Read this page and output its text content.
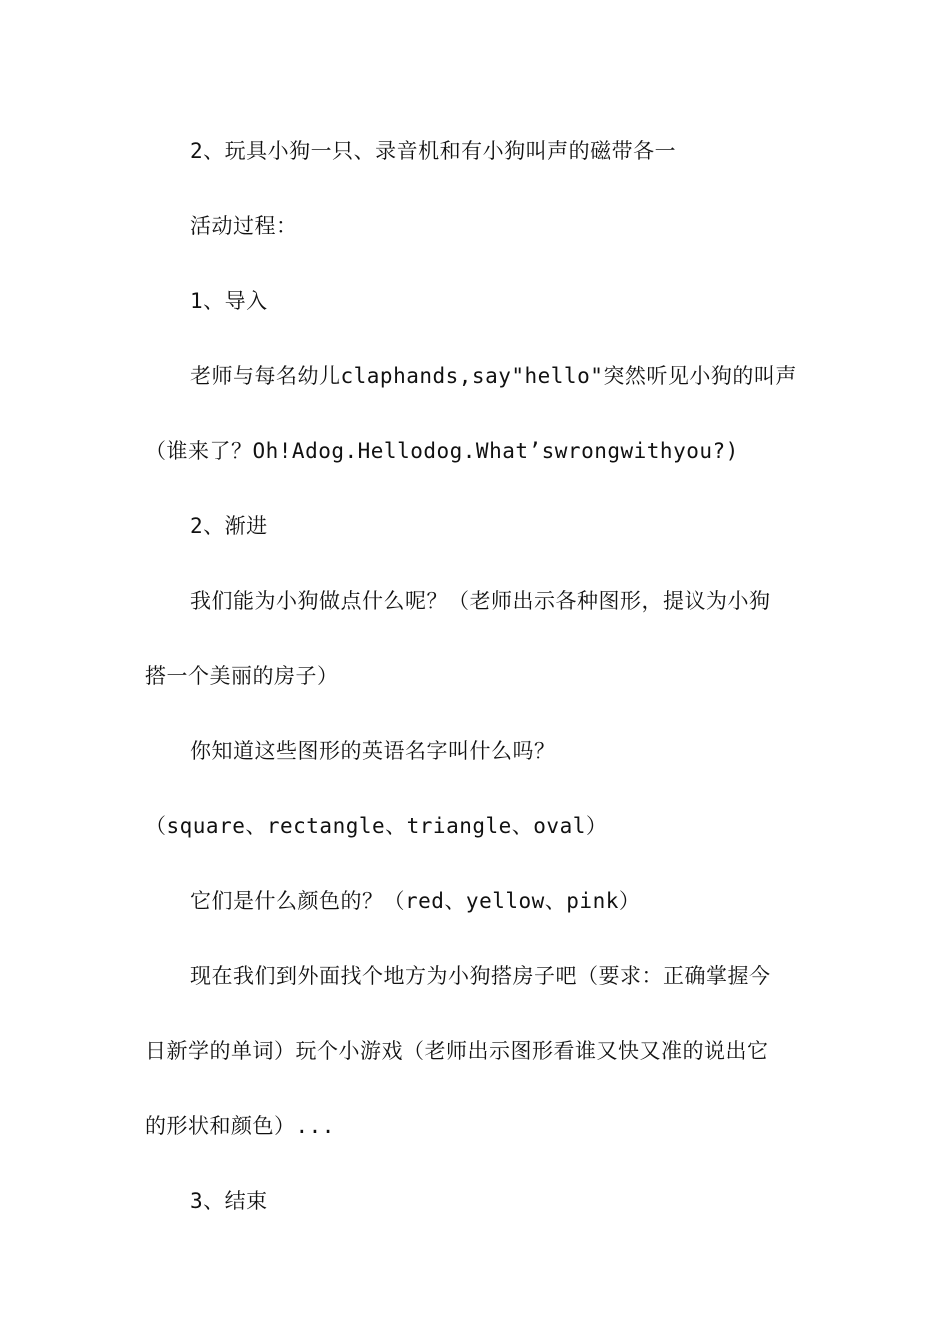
2、玩具小狗一只、录音机和有小狗叫声的磁带各一
活动过程：
1、导入
老师与每名幼儿claphands,say"hello"突然听见小狗的叫声
（谁来了？Oh!Adog.Hellodog.What’swrongwithyou?)
2、渐进
我们能为小狗做点什么呢？（老师出示各种图形，提议为小狗
搭一个美丽的房子）
你知道这些图形的英语名字叫什么吗？
（square、rectangle、triangle、oval）
它们是什么颜色的？（red、yellow、pink）
现在我们到外面找个地方为小狗搭房子吧（要求：正确掌握今
日新学的单词）玩个小游戏（老师出示图形看谁又快又准的说出它
的形状和颜色）...
3、结束
